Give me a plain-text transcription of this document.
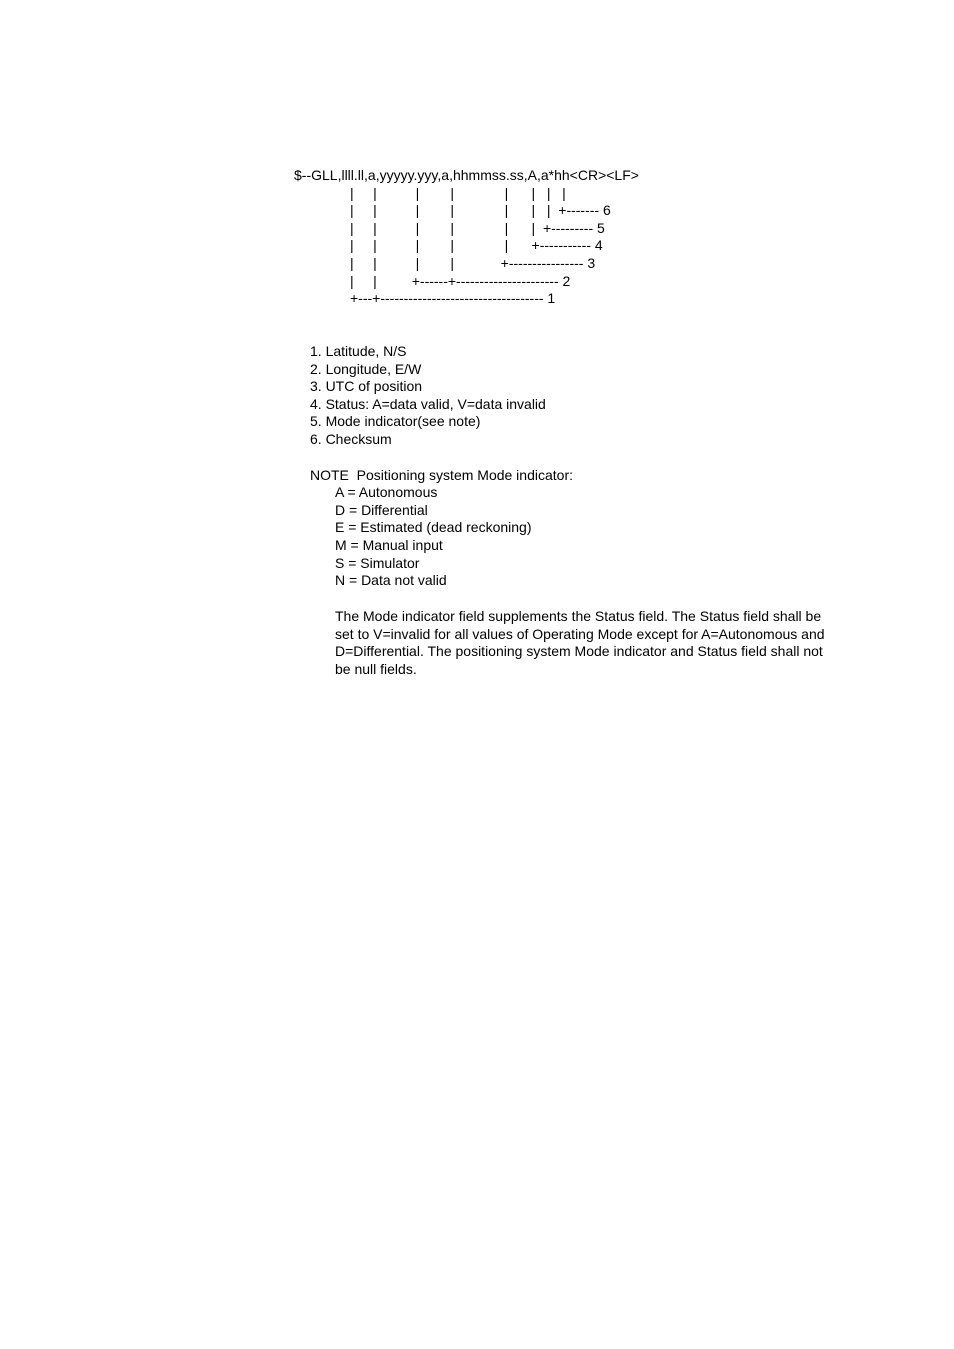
$--GLL,llll.ll,a,yyyyy.yyy,a,hhmmss.ss,A,a*hh<CR><LF>
|     |          |        |             |      |   |   |
|     |          |        |             |      |   |  +------- 6
|     |          |        |             |      |  +--------- 5
|     |          |        |             |      +----------- 4
|     |          |        |            +---------------- 3
|     |         +------+---------------------- 2
+---+----------------------------------- 1
1. Latitude, N/S
2. Longitude, E/W
3. UTC of position
4. Status: A=data valid, V=data invalid
5. Mode indicator(see note)
6. Checksum
NOTE  Positioning system Mode indicator:
A = Autonomous
D = Differential
E = Estimated (dead reckoning)
M = Manual input
S = Simulator
N = Data not valid

The Mode indicator field supplements the Status field. The Status field shall be
set to V=invalid for all values of Operating Mode except for A=Autonomous and
D=Differential. The positioning system Mode indicator and Status field shall not
be null fields.
